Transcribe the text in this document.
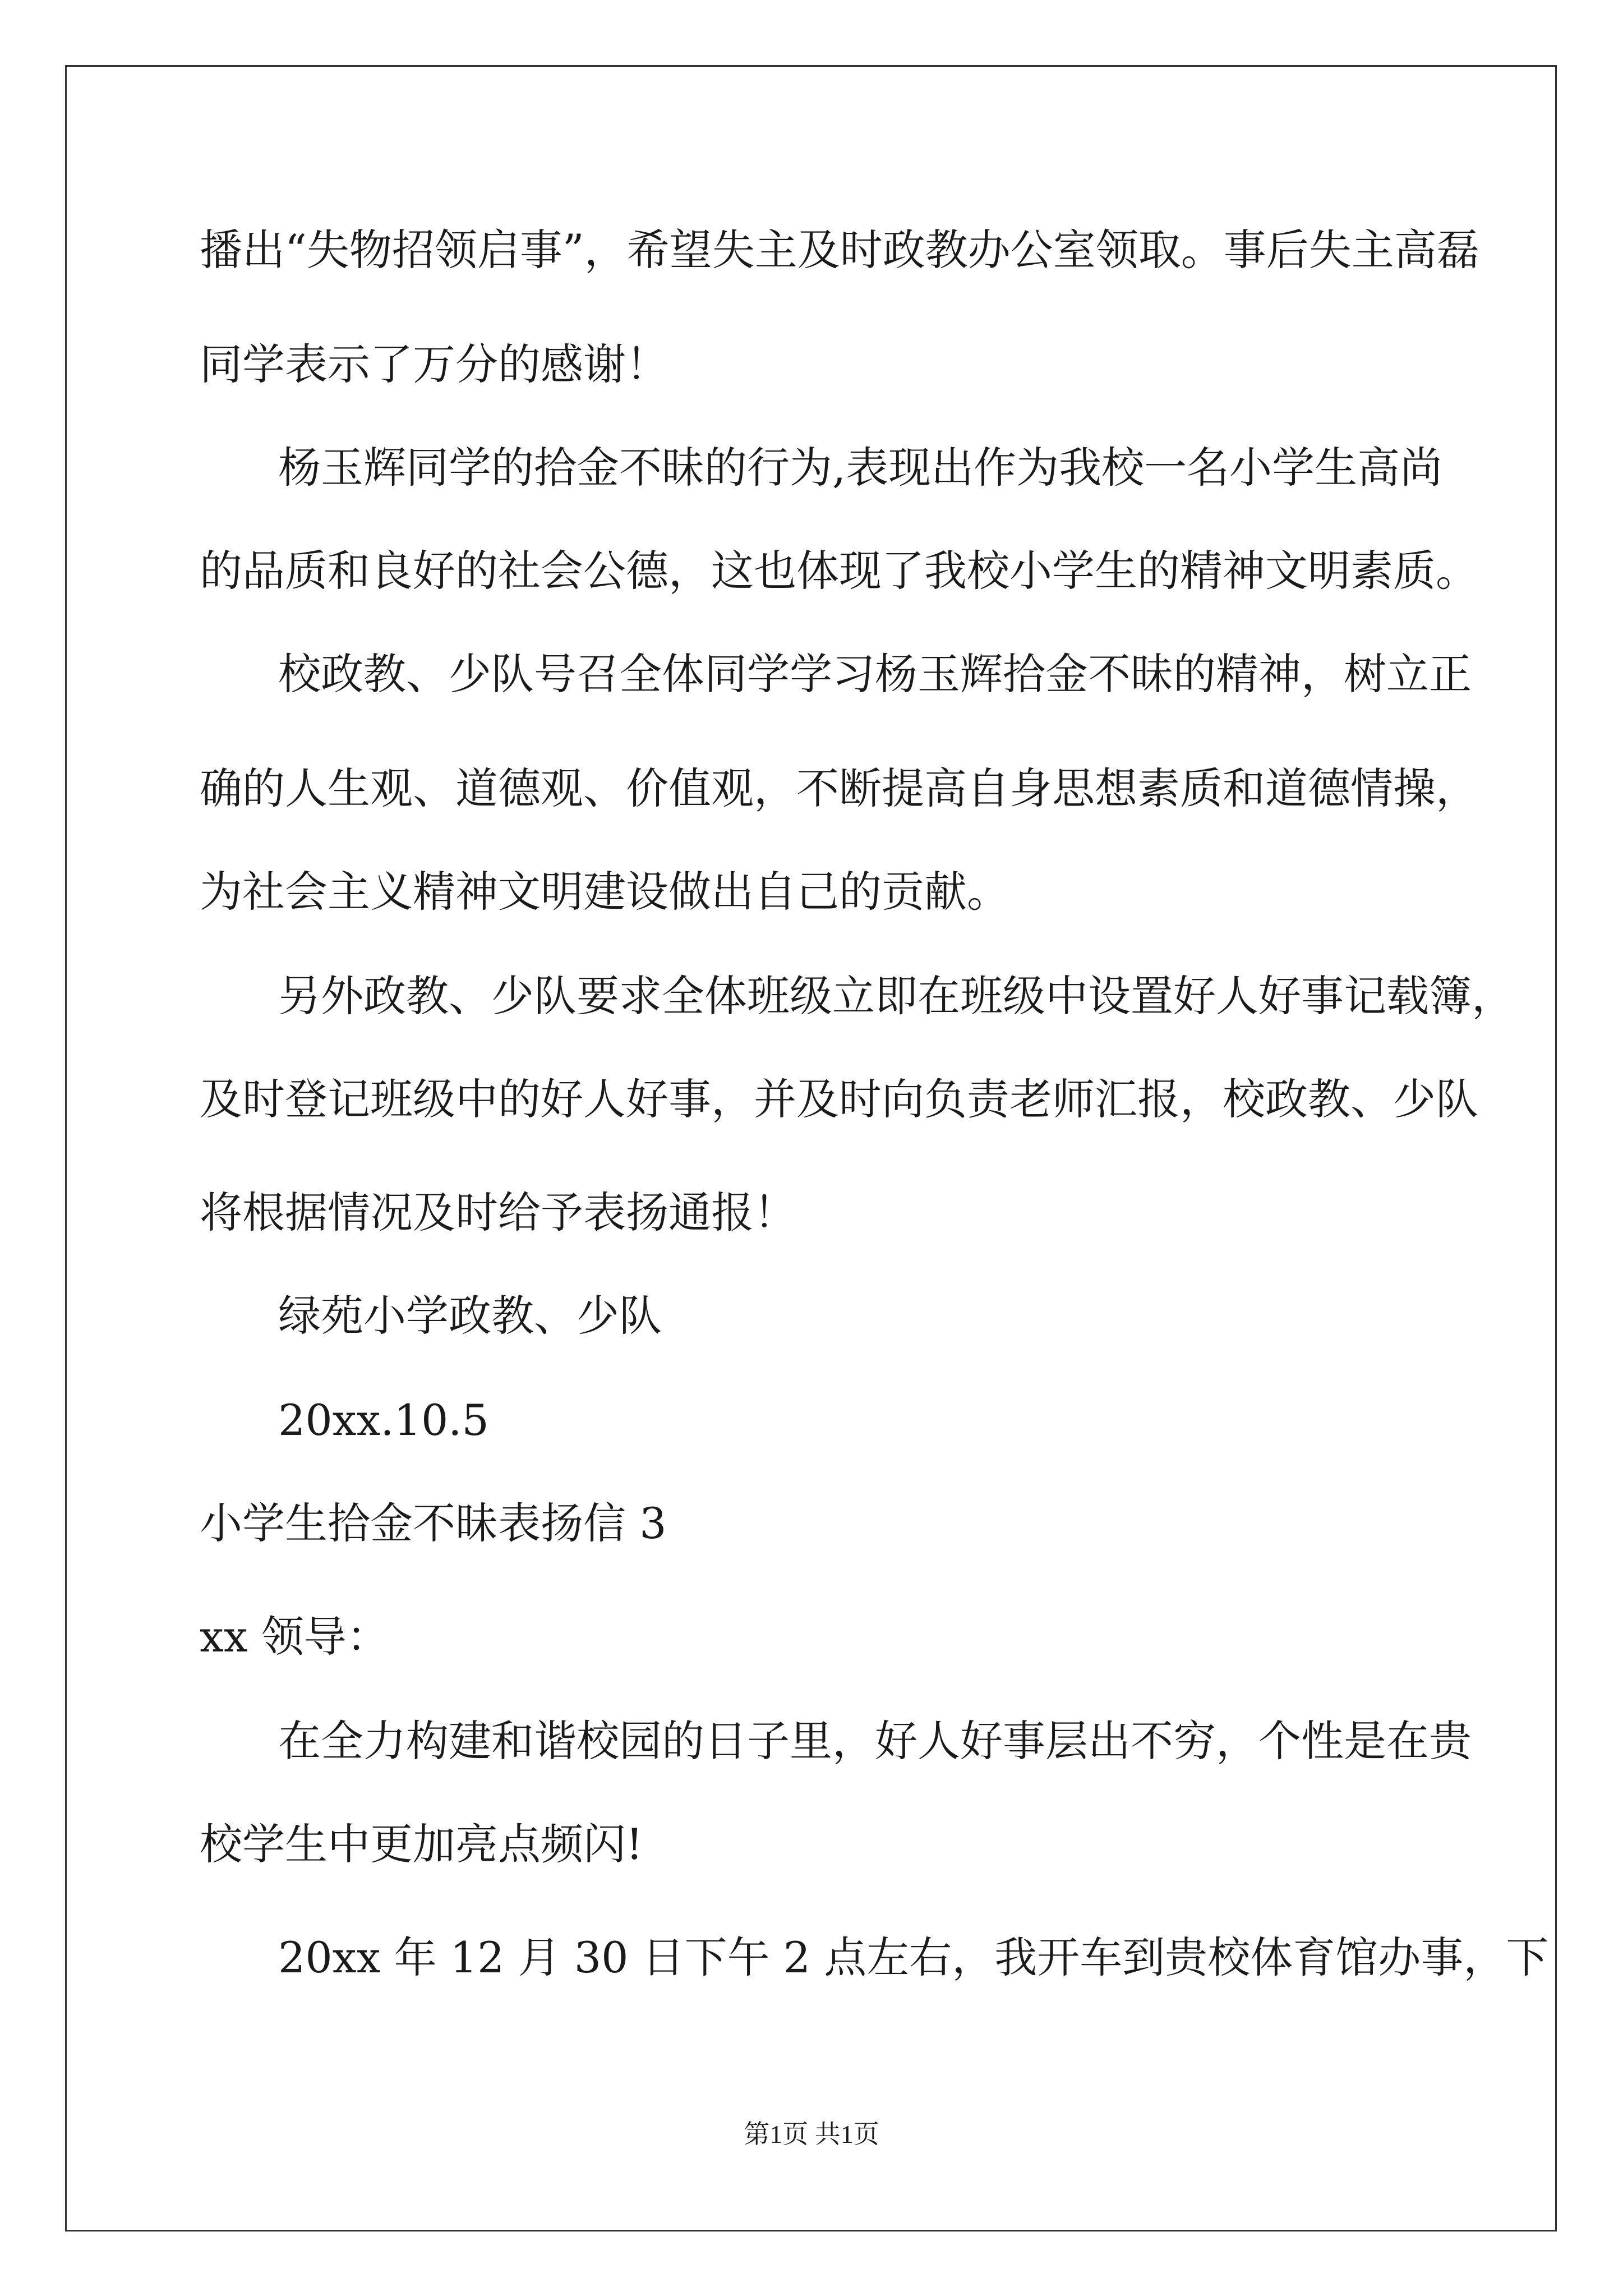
播出“失物招领启事”，希望失主及时政教办公室领取。事后失主高磊
同学表示了万分的感谢！
杨玉辉同学的拾金不昧的行为,表现出作为我校一名小学生高尚
的品质和良好的社会公德，这也体现了我校小学生的精神文明素质。
校政教、少队号召全体同学学习杨玉辉拾金不昧的精神，树立正
确的人生观、道德观、价值观，不断提高自身思想素质和道德情操，
为社会主义精神文明建设做出自己的贡献。
另外政教、少队要求全体班级立即在班级中设置好人好事记载簿，
及时登记班级中的好人好事，并及时向负责老师汇报，校政教、少队
将根据情况及时给予表扬通报！
绿苑小学政教、少队
20xx.10.5
小学生拾金不昧表扬信 3
xx 领导：
在全力构建和谐校园的日子里，好人好事层出不穷，个性是在贵
校学生中更加亮点频闪!
20xx 年 12 月 30 日下午 2 点左右，我开车到贵校体育馆办事，下
第1页 共1页
